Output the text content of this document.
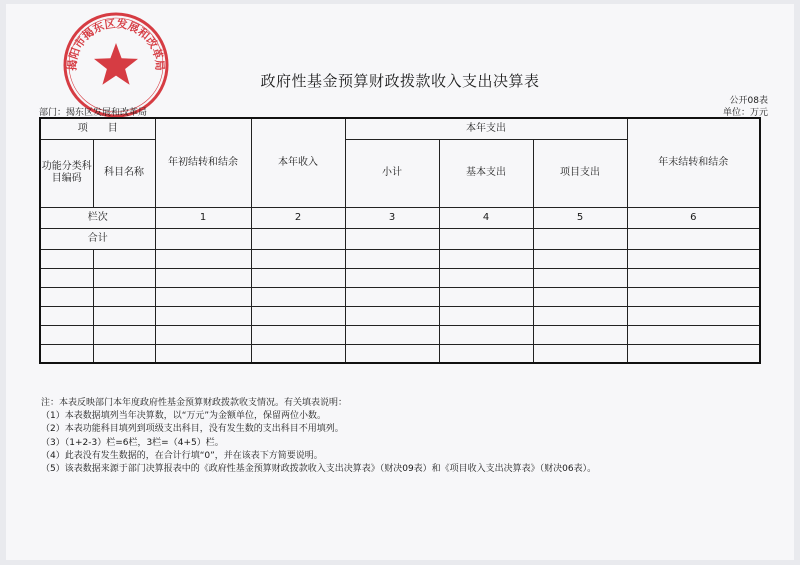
揭阳市揭东区发展和改革局
政府性基金预算财政拨款收入支出决算表
公开08表
单位：万元
部门：揭东区发展和改革局
项　　目		年初结转和结余	本年收入	本年支出			年末结转和结余
功能分类科目编码	科目名称			小计	基本支出	项目支出	

栏次		1	2	3	4	5	6
合计							

注：本表反映部门本年度政府性基金预算财政拨款收支情况。有关填表说明：
（1）本表数据填列当年决算数，以“万元”为金额单位，保留两位小数。
（2）本表功能科目填列到项级支出科目，没有发生数的支出科目不用填列。
（3）（1+2-3）栏=6栏，3栏=（4+5）栏。
（4）此表没有发生数据的，在合计行填“0”，并在该表下方简要说明。
（5）该表数据来源于部门决算报表中的《政府性基金预算财政拨款收入支出决算表》（财决09表）和《项目收入支出决算表》（财决06表）。
